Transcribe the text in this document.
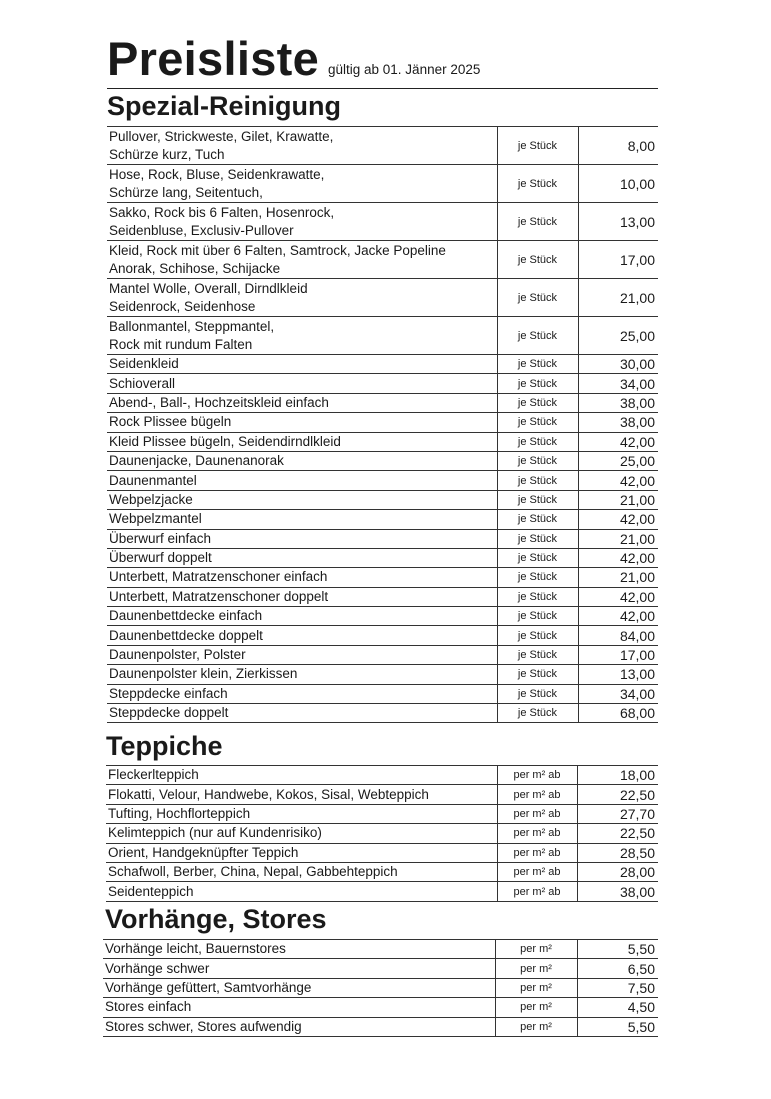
Preisliste gültig ab 01. Jänner 2025
Spezial-Reinigung
Pullover, Strickweste, Gilet, Krawatte,
Schürze kurz, Tuch	je Stück	8,00

Hose, Rock, Bluse, Seidenkrawatte,
Schürze lang, Seitentuch,	je Stück	10,00

Sakko, Rock bis 6 Falten, Hosenrock,
Seidenbluse, Exclusiv-Pullover	je Stück	13,00

Kleid, Rock mit über 6 Falten, Samtrock, Jacke Popeline
Anorak, Schihose, Schijacke	je Stück	17,00

Mantel Wolle, Overall, Dirndlkleid
Seidenrock, Seidenhose	je Stück	21,00

Ballonmantel, Steppmantel,
Rock mit rundum Falten	je Stück	25,00

Seidenkleid	je Stück	30,00

Schioverall	je Stück	34,00

Abend-, Ball-, Hochzeitskleid einfach	je Stück	38,00

Rock Plissee bügeln	je Stück	38,00

Kleid Plissee bügeln, Seidendirndlkleid	je Stück	42,00

Daunenjacke, Daunenanorak	je Stück	25,00

Daunenmantel	je Stück	42,00

Webpelzjacke	je Stück	21,00

Webpelzmantel	je Stück	42,00

Überwurf einfach	je Stück	21,00

Überwurf doppelt	je Stück	42,00

Unterbett, Matratzenschoner einfach	je Stück	21,00

Unterbett, Matratzenschoner doppelt	je Stück	42,00

Daunenbettdecke einfach	je Stück	42,00

Daunenbettdecke doppelt	je Stück	84,00

Daunenpolster, Polster	je Stück	17,00

Daunenpolster klein, Zierkissen	je Stück	13,00

Steppdecke einfach	je Stück	34,00

Steppdecke doppelt	je Stück	68,00
Teppiche
Fleckerlteppich	per m² ab	18,00

Flokatti, Velour, Handwebe, Kokos, Sisal, Webteppich	per m² ab	22,50

Tufting, Hochflorteppich	per m² ab	27,70

Kelimteppich (nur auf Kundenrisiko)	per m² ab	22,50

Orient, Handgeknüpfter Teppich	per m² ab	28,50

Schafwoll, Berber, China, Nepal, Gabbehteppich	per m² ab	28,00

Seidenteppich	per m² ab	38,00
Vorhänge, Stores
Vorhänge leicht, Bauernstores	per m²	5,50

Vorhänge schwer	per m²	6,50

Vorhänge gefüttert, Samtvorhänge	per m²	7,50

Stores einfach	per m²	4,50

Stores schwer, Stores aufwendig	per m²	5,50
